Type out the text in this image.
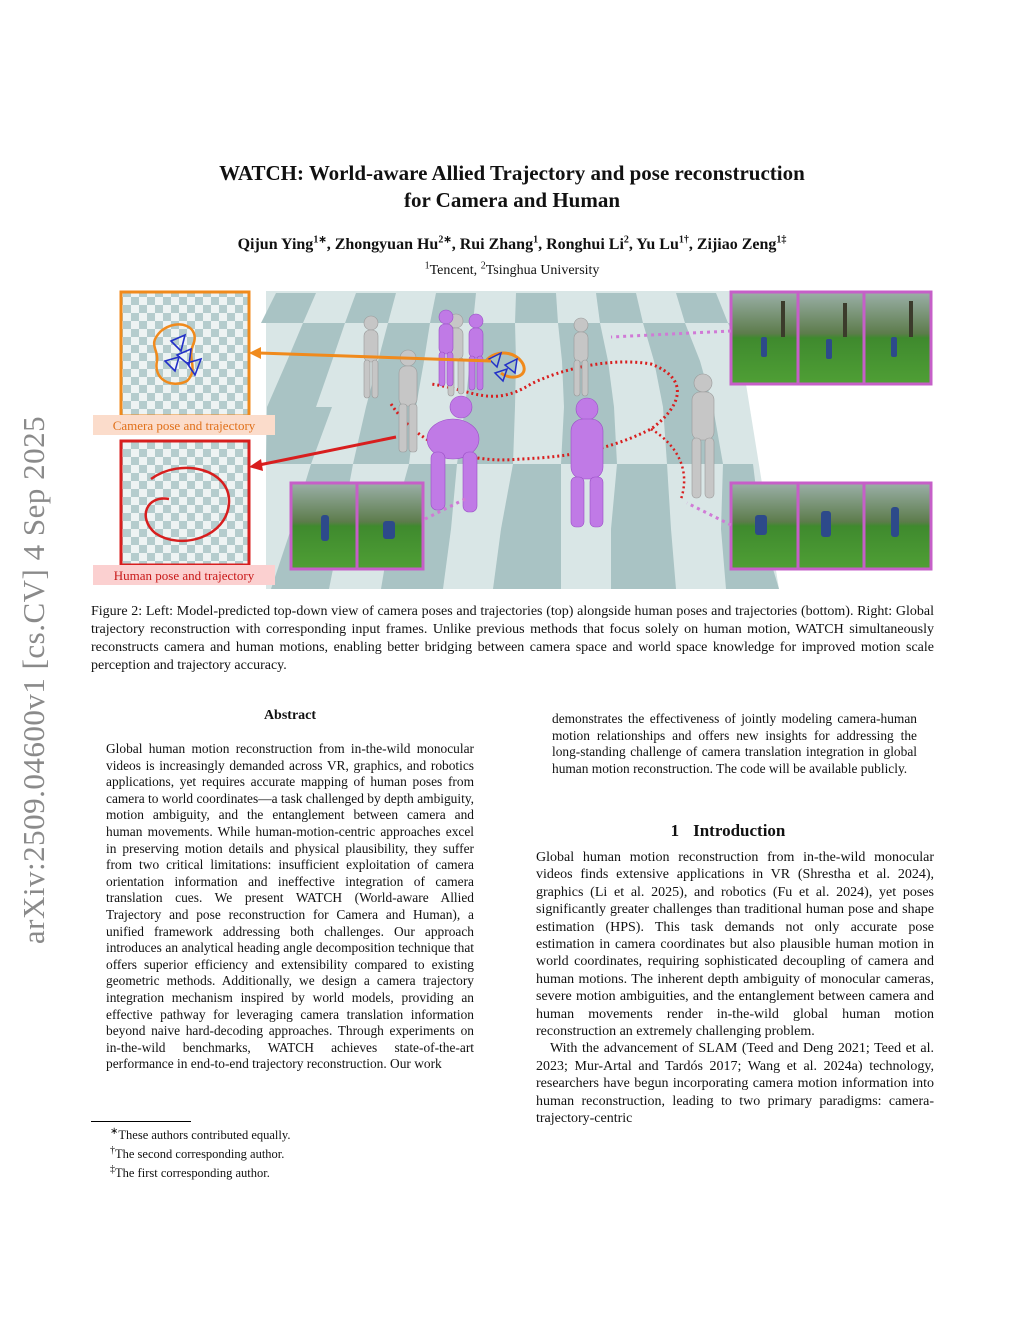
WATCH: World-aware Allied Trajectory and pose reconstruction
for Camera and Human
Qijun Ying$^{1∗}$, Zhongyuan $Hu^{2∗}$, Rui Zhang$^1$, Ronghui Li$^2$, Yu $Lu^{1\dagger}$, Zijiao Zeng$^{1\ddagger}$
$^1$Tencent, $^2$Tsinghua University
arXiv:2509.04600v1 [cs.CV] 4 Sep 2025	Camera pose and trajectory
Human pose and trajectory
Figure 2: Left: Model-predicted top-down view of camera poses and trajectories (top) alongside human poses and trajectories (bottom). Right: Global trajectory reconstruction with corresponding input frames. Unlike previous methods that focus solely on human motion, WATCH simultaneously reconstructs camera and human motions, enabling better bridging between camera space and world space knowledge for improved motion scale perception and trajectory accuracy.
Abstract

Global human motion reconstruction from in-the-wild monocular videos is increasingly demanded across VR, graphics, and robotics applications, yet requires accurate mapping of human poses from camera to world coordinates—a task challenged by depth ambiguity, motion ambiguity, and the entanglement between camera and human movements. While human-motion-centric approaches excel in preserving motion details and physical plausibility, they suffer from two critical limitations: insufficient exploitation of camera orientation information and ineffective integration of camera translation cues. We present WATCH (World-aware Allied Trajectory and pose reconstruction for Camera and Human), a unified framework addressing both challenges. Our approach introduces an analytical heading angle decomposition technique that offers superior efficiency and extensibility compared to existing geometric methods. Additionally, we design a camera trajectory integration mechanism inspired by world models, providing an effective pathway for leveraging camera translation information beyond naive hard-decoding approaches. Through experiments on in-the-wild benchmarks, WATCH achieves state-of-the-art performance in end-to-end trajectory reconstruction. Our work

demonstrates the effectiveness of jointly modeling camera-human motion relationships and offers new insights for addressing the long-standing challenge of camera translation integration in global human motion reconstruction. The code will be available publicly.

1 Introduction

Global human motion reconstruction from in-the-wild monocular videos finds extensive applications in VR (Shrestha et al. 2024), graphics (Li et al. 2025), and robotics (Fu et al. 2024), yet poses significantly greater challenges than traditional human pose and shape estimation (HPS). This task demands not only accurate pose estimation in camera coordinates but also plausible human motion in world coordinates, requiring sophisticated decoupling of camera and human motions. The inherent depth ambiguity of monocular cameras, severe motion ambiguities, and the entanglement between camera and human movements render in-the-wild global human motion reconstruction an extremely challenging problem.

With the advancement of SLAM (Teed and Deng 2021; Teed et al. 2023; Mur-Artal and Tardós 2017; Wang et al. 2024a) technology, researchers have begun incorporating camera motion information into human reconstruction, leading to two primary paradigms: camera-trajectory-centric

∗These authors contributed equally.
†The second corresponding author.
‡The first corresponding author.
